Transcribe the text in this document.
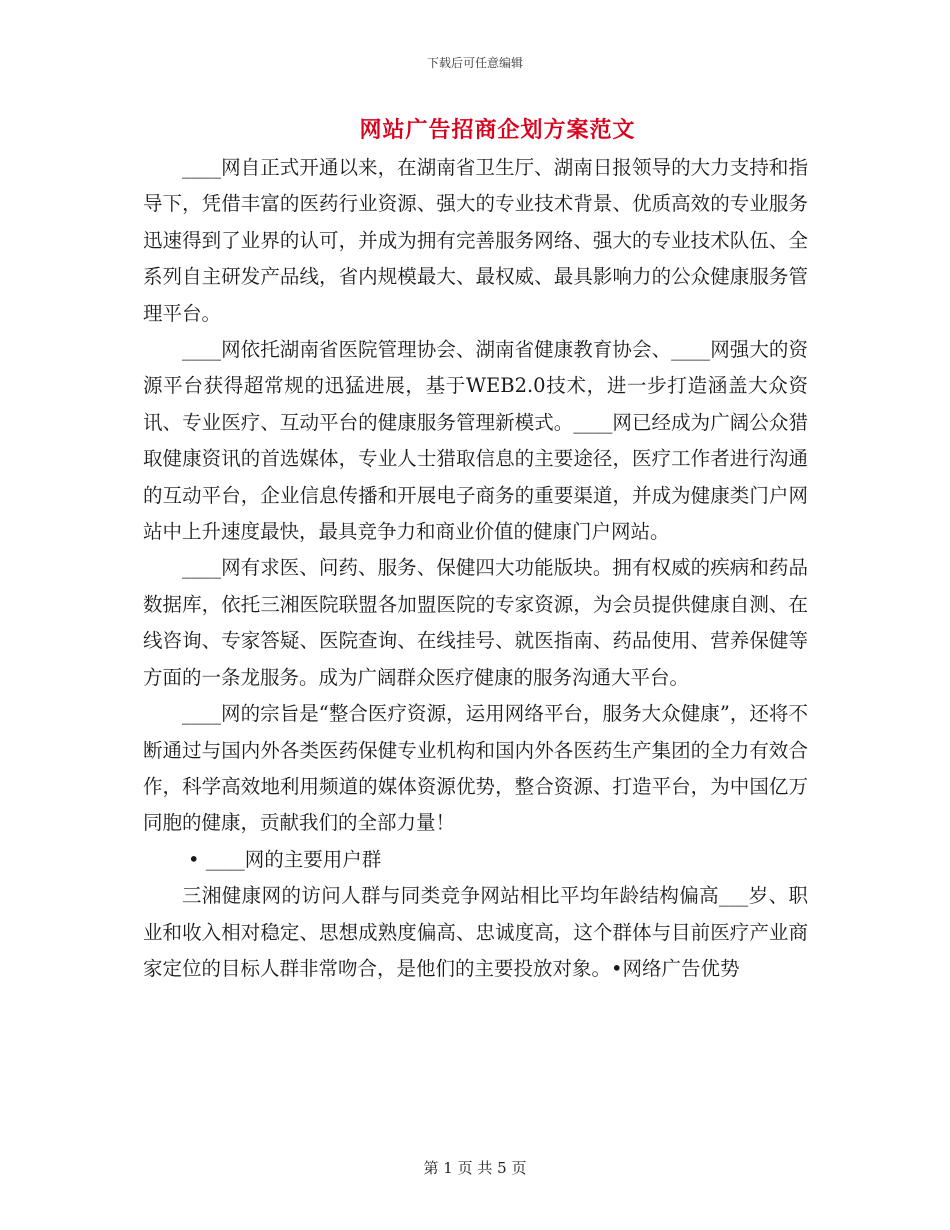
下载后可任意编辑
网站广告招商企划方案范文

____网自正式开通以来，在湖南省卫生厅、湖南日报领导的大力支持和指导下，凭借丰富的医药行业资源、强大的专业技术背景、优质高效的专业服务迅速得到了业界的认可，并成为拥有完善服务网络、强大的专业技术队伍、全系列自主研发产品线，省内规模最大、最权威、最具影响力的公众健康服务管理平台。

____网依托湖南省医院管理协会、湖南省健康教育协会、____网强大的资源平台获得超常规的迅猛进展，基于WEB2.0技术，进一步打造涵盖大众资讯、专业医疗、互动平台的健康服务管理新模式。____网已经成为广阔公众猎取健康资讯的首选媒体，专业人士猎取信息的主要途径，医疗工作者进行沟通的互动平台，企业信息传播和开展电子商务的重要渠道，并成为健康类门户网站中上升速度最快，最具竞争力和商业价值的健康门户网站。

____网有求医、问药、服务、保健四大功能版块。拥有权威的疾病和药品数据库，依托三湘医院联盟各加盟医院的专家资源，为会员提供健康自测、在线咨询、专家答疑、医院查询、在线挂号、就医指南、药品使用、营养保健等方面的一条龙服务。成为广阔群众医疗健康的服务沟通大平台。

____网的宗旨是“整合医疗资源，运用网络平台，服务大众健康”，还将不断通过与国内外各类医药保健专业机构和国内外各医药生产集团的全力有效合作，科学高效地利用频道的媒体资源优势，整合资源、打造平台，为中国亿万同胞的健康，贡献我们的全部力量！

• ____网的主要用户群

三湘健康网的访问人群与同类竞争网站相比平均年龄结构偏高___岁、职业和收入相对稳定、思想成熟度偏高、忠诚度高，这个群体与目前医疗产业商家定位的目标人群非常吻合，是他们的主要投放对象。•网络广告优势

第 1 页 共 5 页
